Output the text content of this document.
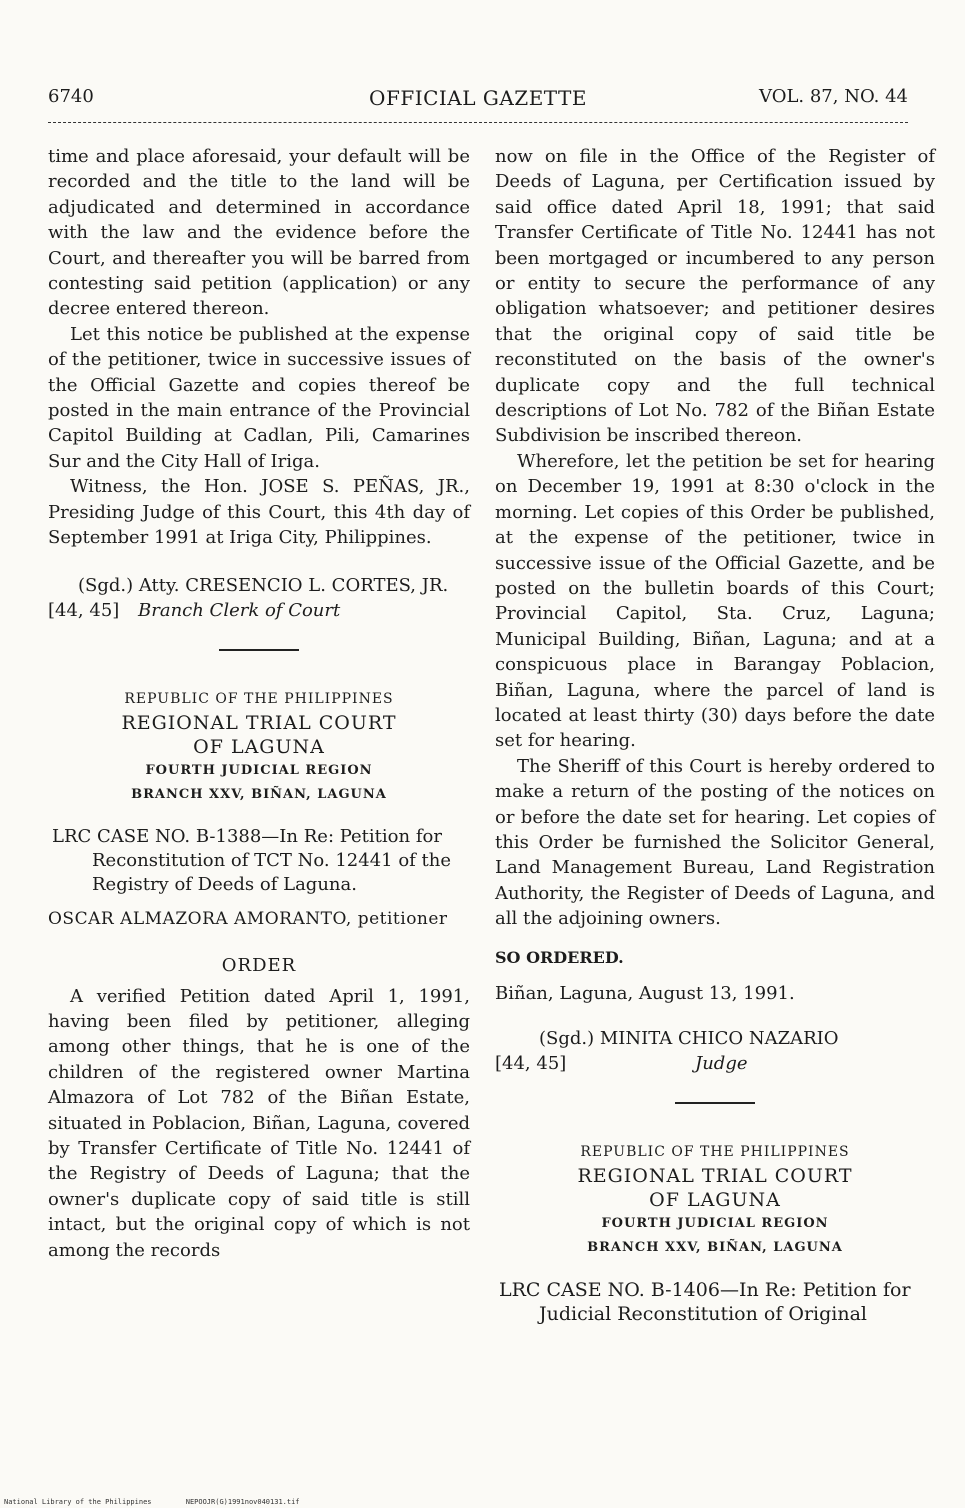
6740	OFFICIAL GAZETTE	VOL. 87, NO. 44

time and place aforesaid, your default will be recorded and the title to the land will be adjudicated and determined in accordance with the law and the evidence before the Court, and thereafter you will be barred from contesting said petition (application) or any decree entered thereon.

Let this notice be published at the expense of the petitioner, twice in successive issues of the Official Gazette and copies thereof be posted in the main entrance of the Provincial Capitol Building at Cadlan, Pili, Camarines Sur and the City Hall of Iriga.

Witness, the Hon. JOSE S. PEÑAS, JR., Presiding Judge of this Court, this 4th day of September 1991 at Iriga City, Philippines.

(Sgd.) Atty. CRESENCIO L. CORTES, JR.
[44, 45]	Branch Clerk of Court
REPUBLIC OF THE PHILIPPINES
REGIONAL TRIAL COURT
OF LAGUNA
FOURTH JUDICIAL REGION
BRANCH XXV, BIÑAN, LAGUNA
LRC CASE NO. B-1388—In Re: Petition for Reconstitution of TCT No. 12441 of the Registry of Deeds of Laguna.
OSCAR ALMAZORA AMORANTO, petitioner
ORDER

A verified Petition dated April 1, 1991, having been filed by petitioner, alleging among other things, that he is one of the children of the registered owner Martina Almazora of Lot 782 of the Biñan Estate, situated in Poblacion, Biñan, Laguna, covered by Transfer Certificate of Title No. 12441 of the Registry of Deeds of Laguna; that the owner's duplicate copy of said title is still intact, but the original copy of which is not among the records

now on file in the Office of the Register of Deeds of Laguna, per Certification issued by said office dated April 18, 1991; that said Transfer Certificate of Title No. 12441 has not been mortgaged or incumbered to any person or entity to secure the performance of any obligation whatsoever; and petitioner desires that the original copy of said title be reconstituted on the basis of the owner's duplicate copy and the full technical descriptions of Lot No. 782 of the Biñan Estate Subdivision be inscribed thereon.

Wherefore, let the petition be set for hearing on December 19, 1991 at 8:30 o'clock in the morning. Let copies of this Order be published, at the expense of the petitioner, twice in successive issue of the Official Gazette, and be posted on the bulletin boards of this Court; Provincial Capitol, Sta. Cruz, Laguna; Municipal Building, Biñan, Laguna; and at a conspicuous place in Barangay Poblacion, Biñan, Laguna, where the parcel of land is located at least thirty (30) days before the date set for hearing.

The Sheriff of this Court is hereby ordered to make a return of the posting of the notices on or before the date set for hearing. Let copies of this Order be furnished the Solicitor General, Land Management Bureau, Land Registration Authority, the Register of Deeds of Laguna, and all the adjoining owners.

SO ORDERED.
Biñan, Laguna, August 13, 1991.
(Sgd.) MINITA CHICO NAZARIO
[44, 45]	Judge
REPUBLIC OF THE PHILIPPINES
REGIONAL TRIAL COURT
OF LAGUNA
FOURTH JUDICIAL REGION
BRANCH XXV, BIÑAN, LAGUNA
LRC CASE NO. B-1406—In Re: Petition for Judicial Reconstitution of Original
National Library of the Philippines	NEPOOJR(G)1991nov040131.tif
